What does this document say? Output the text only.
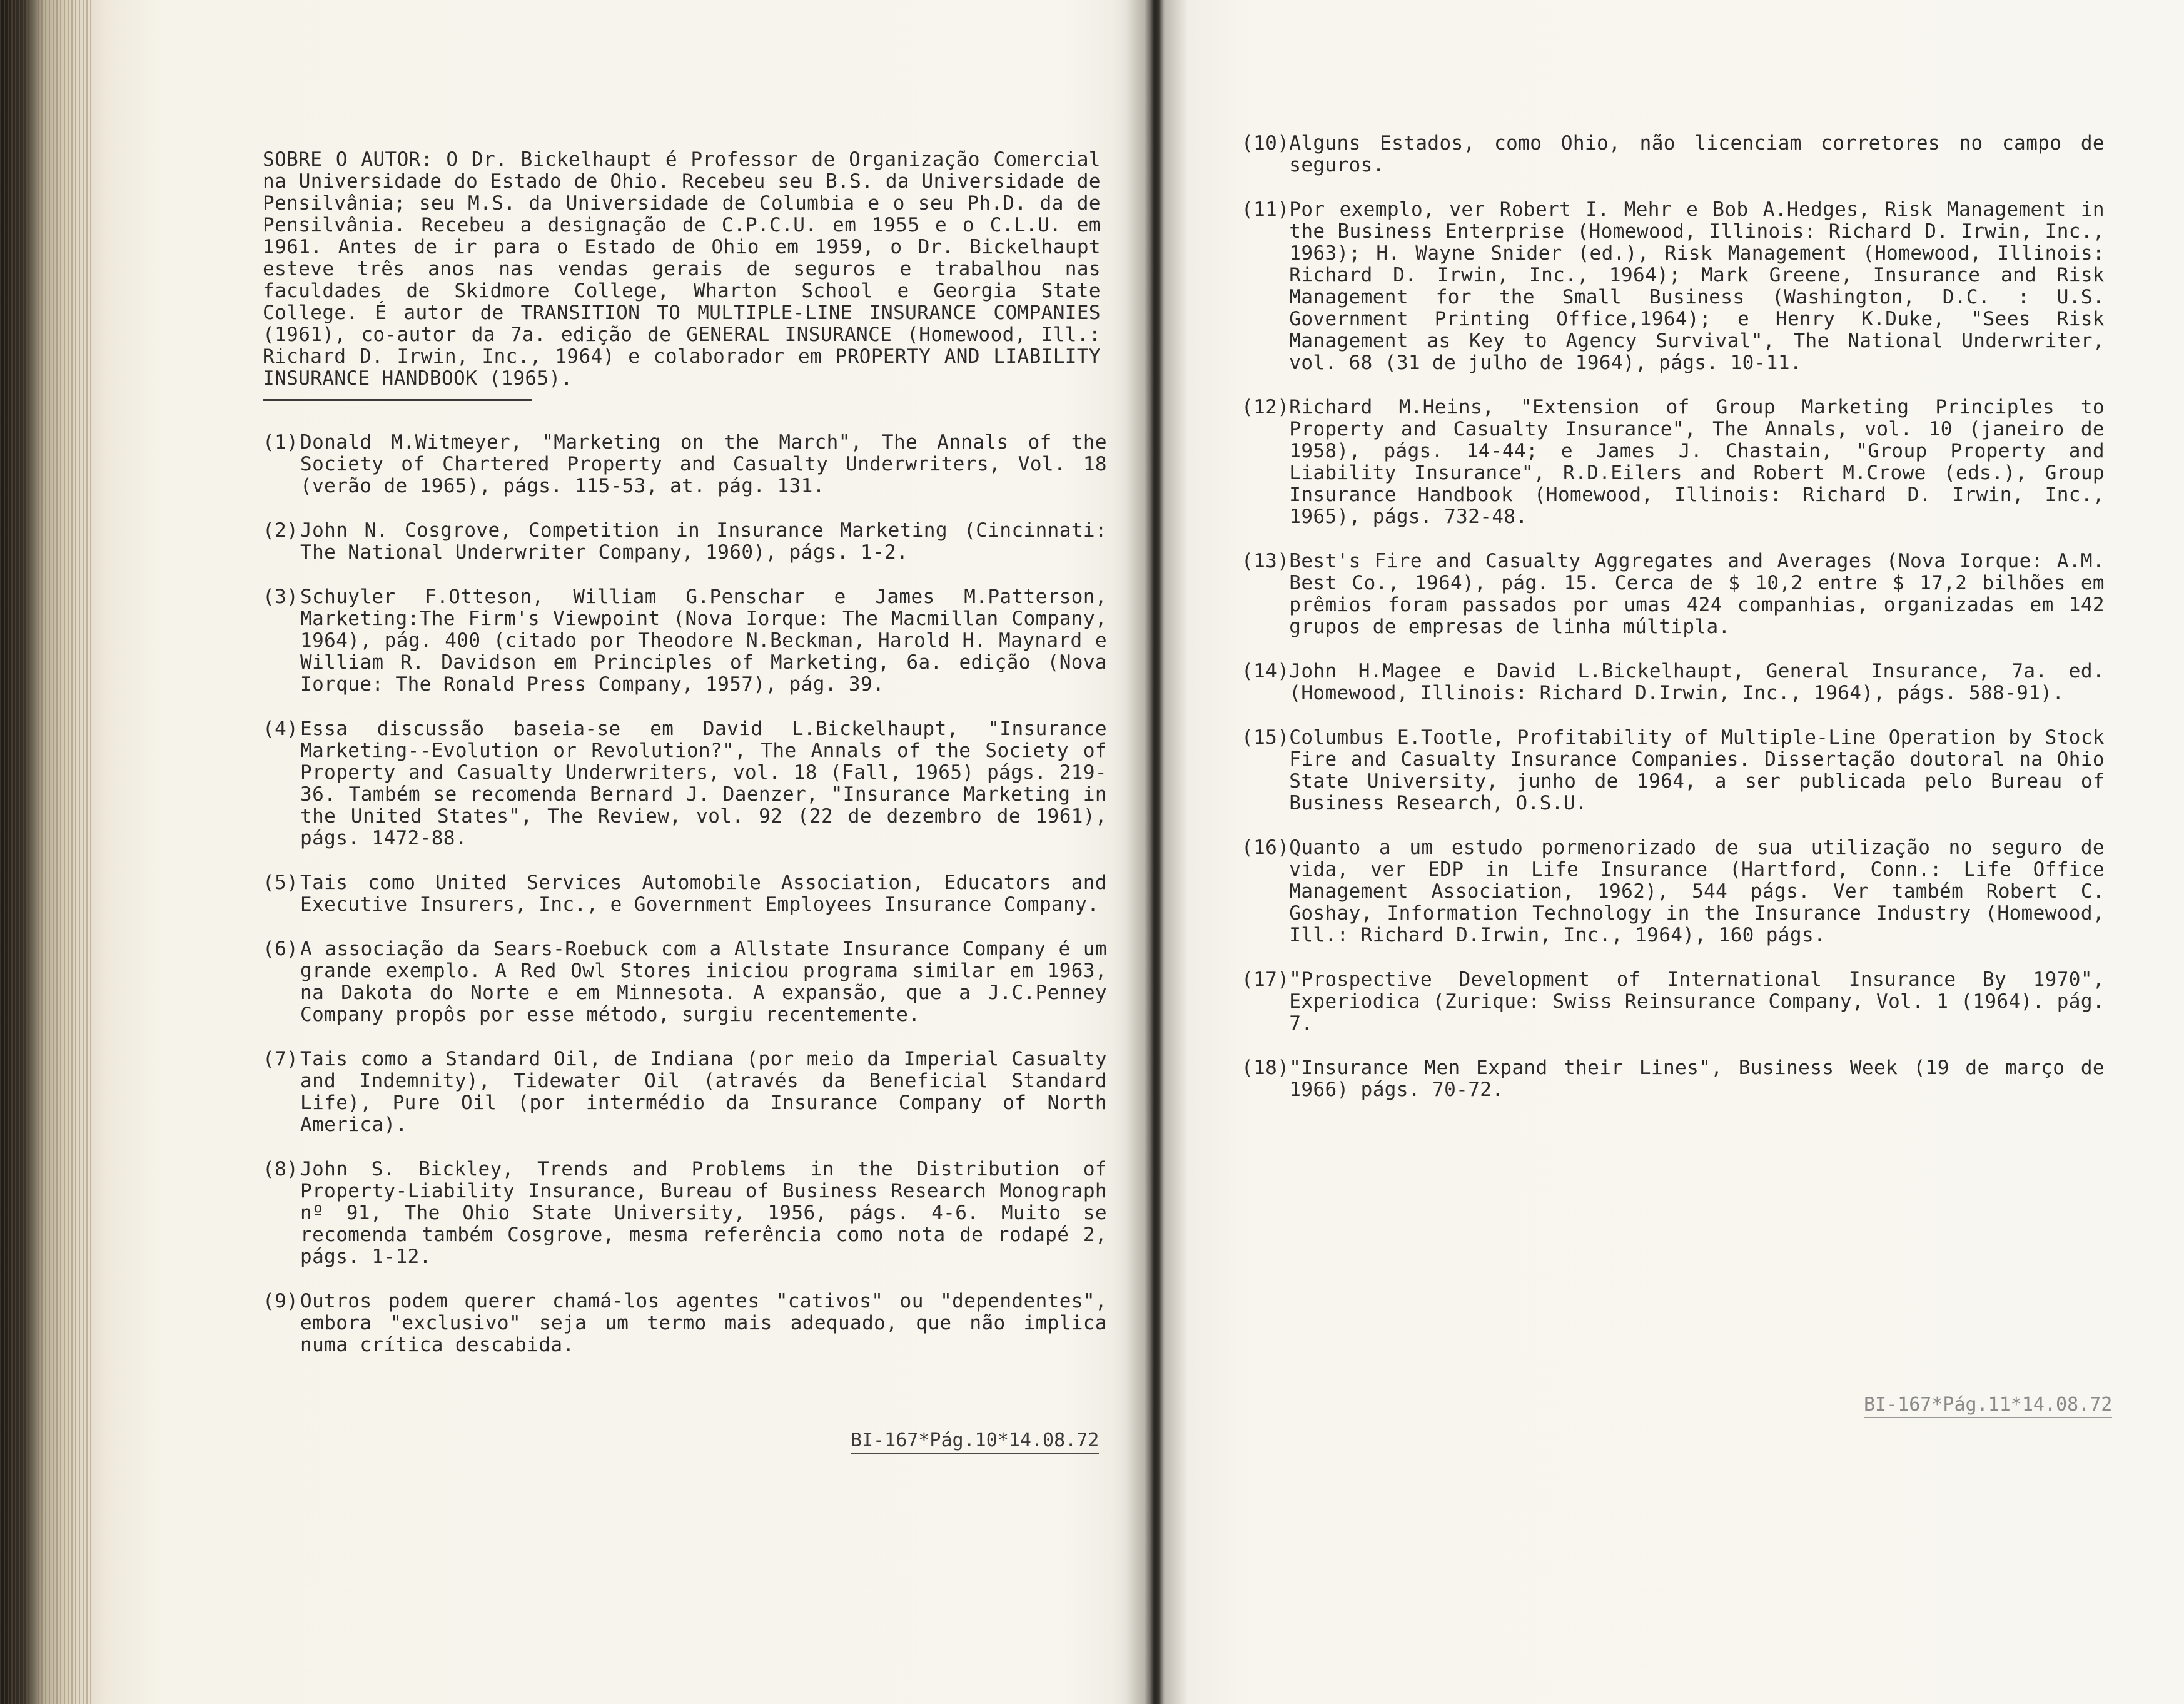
SOBRE O AUTOR: O Dr. Bickelhaupt é Professor de Organização Comercial na Universidade do Estado de Ohio. Recebeu seu B.S. da Universidade de Pensilvânia; seu M.S. da Universidade de Columbia e o seu Ph.D. da de Pensilvânia. Recebeu a designação de C.P.C.U. em 1955 e o C.L.U. em 1961. Antes de ir para o Estado de Ohio em 1959, o Dr. Bickelhaupt esteve três anos nas vendas gerais de seguros e trabalhou nas faculdades de Skidmore College, Wharton School e Georgia State College. É autor de TRANSITION TO MULTIPLE-LINE INSURANCE COMPANIES (1961), co-autor da 7a. edição de GENERAL INSURANCE (Homewood, Ill.: Richard D. Irwin, Inc., 1964) e colaborador em PROPERTY AND LIABILITY INSURANCE HANDBOOK (1965).
(1) Donald M.Witmeyer, "Marketing on the March", The Annals of the Society of Chartered Property and Casualty Underwriters, Vol. 18 (verão de 1965), págs. 115-53, at. pág. 131.
(2) John N. Cosgrove, Competition in Insurance Marketing (Cincinnati: The National Underwriter Company, 1960), págs. 1-2.
(3) Schuyler F.Otteson, William G.Penschar e James M.Patterson, Marketing:The Firm's Viewpoint (Nova Iorque: The Macmillan Company, 1964), pág. 400 (citado por Theodore N.Beckman, Harold H. Maynard e William R. Davidson em Principles of Marketing, 6a. edição (Nova Iorque: The Ronald Press Company, 1957), pág. 39.
(4) Essa discussão baseia-se em David L.Bickelhaupt, "Insurance Marketing--Evolution or Revolution?", The Annals of the Society of Property and Casualty Underwriters, vol. 18 (Fall, 1965) págs. 219-36. Também se recomenda Bernard J. Daenzer, "Insurance Marketing in the United States", The Review, vol. 92 (22 de dezembro de 1961), págs. 1472-88.
(5) Tais como United Services Automobile Association, Educators and Executive Insurers, Inc., e Government Employees Insurance Company.
(6) A associação da Sears-Roebuck com a Allstate Insurance Company é um grande exemplo. A Red Owl Stores iniciou programa similar em 1963, na Dakota do Norte e em Minnesota. A expansão, que a J.C.Penney Company propôs por esse método, surgiu recentemente.
(7) Tais como a Standard Oil, de Indiana (por meio da Imperial Casualty and Indemnity), Tidewater Oil (através da Beneficial Standard Life), Pure Oil (por intermédio da Insurance Company of North America).
(8) John S. Bickley, Trends and Problems in the Distribution of Property-Liability Insurance, Bureau of Business Research Monograph nº 91, The Ohio State University, 1956, págs. 4-6. Muito se recomenda também Cosgrove, mesma referência como nota de rodapé 2, págs. 1-12.
(9) Outros podem querer chamá-los agentes "cativos" ou "dependentes", embora "exclusivo" seja um termo mais adequado, que não implica numa crítica descabida.
BI-167*Pág.10*14.08.72
(10) Alguns Estados, como Ohio, não licenciam corretores no campo de seguros.
(11) Por exemplo, ver Robert I. Mehr e Bob A.Hedges, Risk Management in the Business Enterprise (Homewood, Illinois: Richard D. Irwin, Inc., 1963); H. Wayne Snider (ed.), Risk Management (Homewood, Illinois: Richard D. Irwin, Inc., 1964); Mark Greene, Insurance and Risk Management for the Small Business (Washington, D.C. : U.S. Government Printing Office,1964); e Henry K.Duke, "Sees Risk Management as Key to Agency Survival", The National Underwriter, vol. 68 (31 de julho de 1964), págs. 10-11.
(12) Richard M.Heins, "Extension of Group Marketing Principles to Property and Casualty Insurance", The Annals, vol. 10 (janeiro de 1958), págs. 14-44; e James J. Chastain, "Group Property and Liability Insurance", R.D.Eilers and Robert M.Crowe (eds.), Group Insurance Handbook (Homewood, Illinois: Richard D. Irwin, Inc., 1965), págs. 732-48.
(13) Best's Fire and Casualty Aggregates and Averages (Nova Iorque: A.M. Best Co., 1964), pág. 15. Cerca de $ 10,2 entre $ 17,2 bilhões em prêmios foram passados por umas 424 companhias, organizadas em 142 grupos de empresas de linha múltipla.
(14) John H.Magee e David L.Bickelhaupt, General Insurance, 7a. ed. (Homewood, Illinois: Richard D.Irwin, Inc., 1964), págs. 588-91).
(15) Columbus E.Tootle, Profitability of Multiple-Line Operation by Stock Fire and Casualty Insurance Companies. Dissertação doutoral na Ohio State University, junho de 1964, a ser publicada pelo Bureau of Business Research, O.S.U.
(16) Quanto a um estudo pormenorizado de sua utilização no seguro de vida, ver EDP in Life Insurance (Hartford, Conn.: Life Office Management Association, 1962), 544 págs. Ver também Robert C. Goshay, Information Technology in the Insurance Industry (Homewood, Ill.: Richard D.Irwin, Inc., 1964), 160 págs.
(17) "Prospective Development of International Insurance By 1970", Experiodica (Zurique: Swiss Reinsurance Company, Vol. 1 (1964). pág. 7.
(18) "Insurance Men Expand their Lines", Business Week (19 de março de 1966) págs. 70-72.
BI-167*Pág.11*14.08.72
